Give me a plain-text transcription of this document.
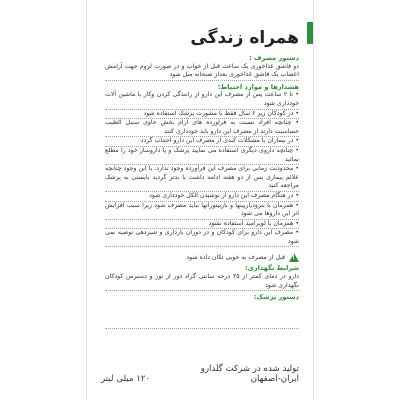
همراه زندگی
دستور مصرف :
دو قاشق غذاخوری یک ساعت قبل از خواب و در صورت لزوم جهت آرامش اعصاب یک قاشق غذاخوری بعداز صبحانه میل شود
هشدارها و موارد احتیاط:
• تا ۲ ساعت پس از مصرف این دارو از رانندگی کردن وکار با ماشین آلات خودداری شود
• در کودکان زیر ۶ سال فقط با مشورت پزشک استفاده شود
• چنانچه افراد نسبت به فراورده های آرام بخش حاوی سنبل الطیب حساسیت دارند از مصرف این دارو باید خودداری کنند
• در بیماران با مشکلات کبدی از مصرف این دارو اجتناب گردد
• چنانچه داروی دیگری استفاده می نمایید پزشک و یا داروساز خود را مطلع نمائید
• محدودیت زمانی برای مصرف این فراورده وجود ندارد. با این وجود چنانچه علائم بیماری پس از دو هفته ادامه داشت یا بدتر گردید بایستی به پزشک مراجعه کنید
• در هنگام مصرف این دارو از نوشیدن الکل خودداری شود
• همزمان با بنزودیازپینها و باربیتوراتها نباید مصرف شود زیرا سبب افزایش اثر این داروها می شود
• همزمان با لوپرامید استفاده نشود
• مصرف این دارو برای کودکان و در دوران بارداری و شیردهی توصیه نمی شود
!
قبل از مصرف به خوبی تکان داده شود
شرایط نگهداری:
دارو در دمای کمتر از ۲۵ درجه سانتی گراد دور از نور و دسترس کودکان نگهداری شود
دستور پزشک:
تولید شده در شرکت گلدارو
ایران-اصفهان
۱۲۰ میلی لیتر
